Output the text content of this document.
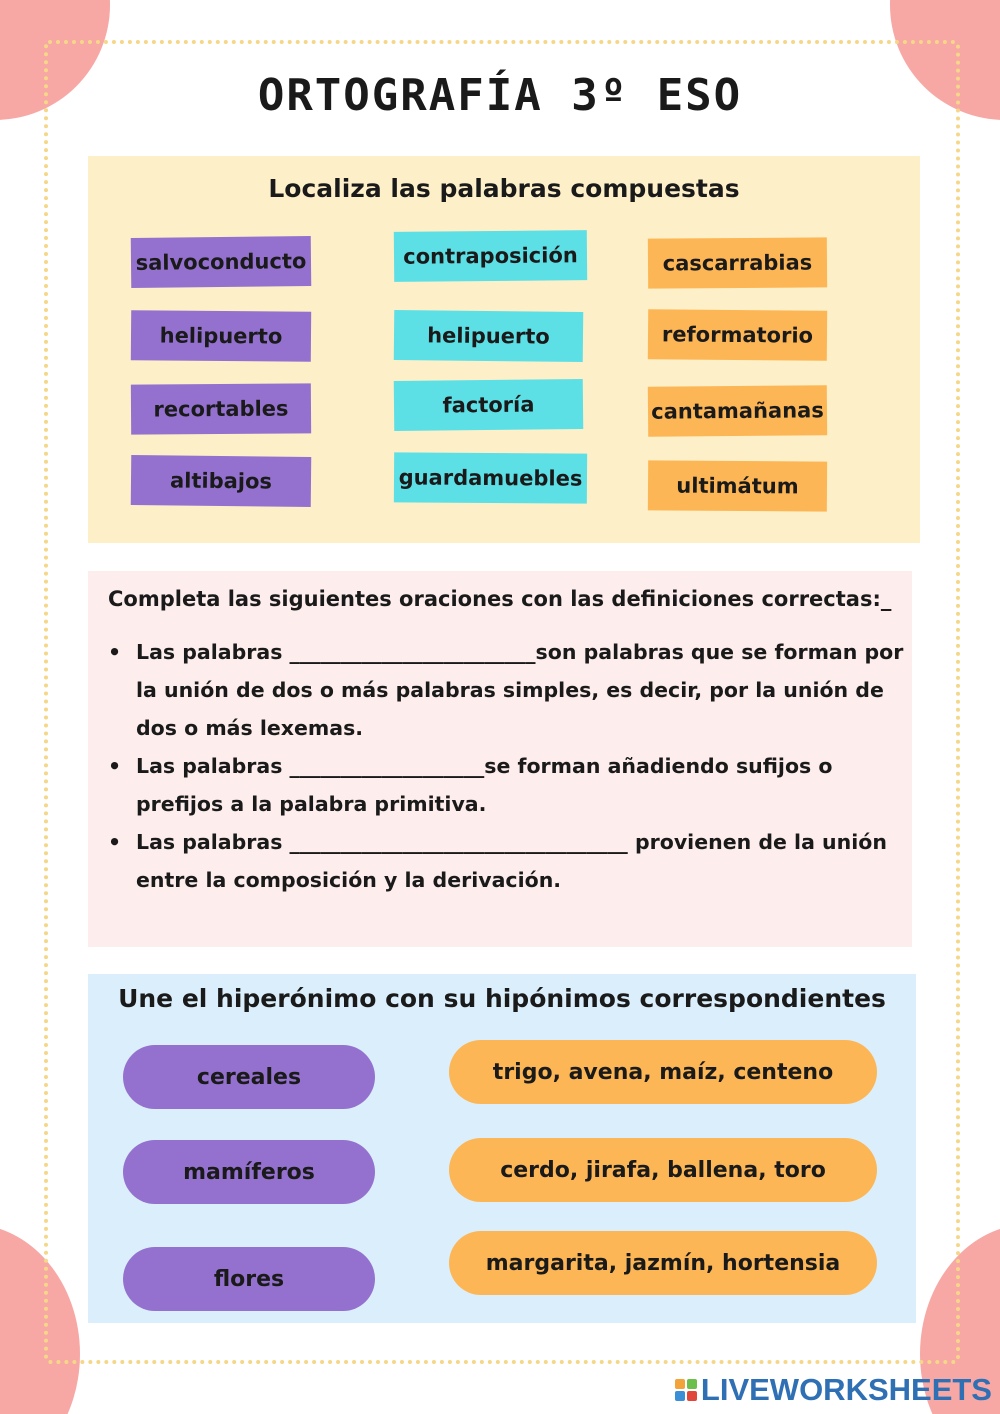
ORTOGRAFÍA 3º ESO
Localiza las palabras compuestas
salvoconducto
helipuerto
recortables
altibajos
contraposición
helipuerto
factoría
guardamuebles
cascarrabias
reformatorio
cantamañanas
ultimátum

Completa las siguientes oraciones con las definiciones correctas:_

• Las palabras ________________________son palabras que se forman por la unión de dos o más palabras simples, es decir, por la unión de dos o más lexemas.
• Las palabras ___________________se forman añadiendo sufijos o prefijos a la palabra primitiva.
• Las palabras _________________________________ provienen de la unión entre la composición y la derivación.
Une el hiperónimo con su hipónimos correspondientes
cereales
mamíferos
flores
trigo, avena, maíz, centeno
cerdo, jirafa, ballena, toro
margarita, jazmín, hortensia
LIVEWORKSHEETS
